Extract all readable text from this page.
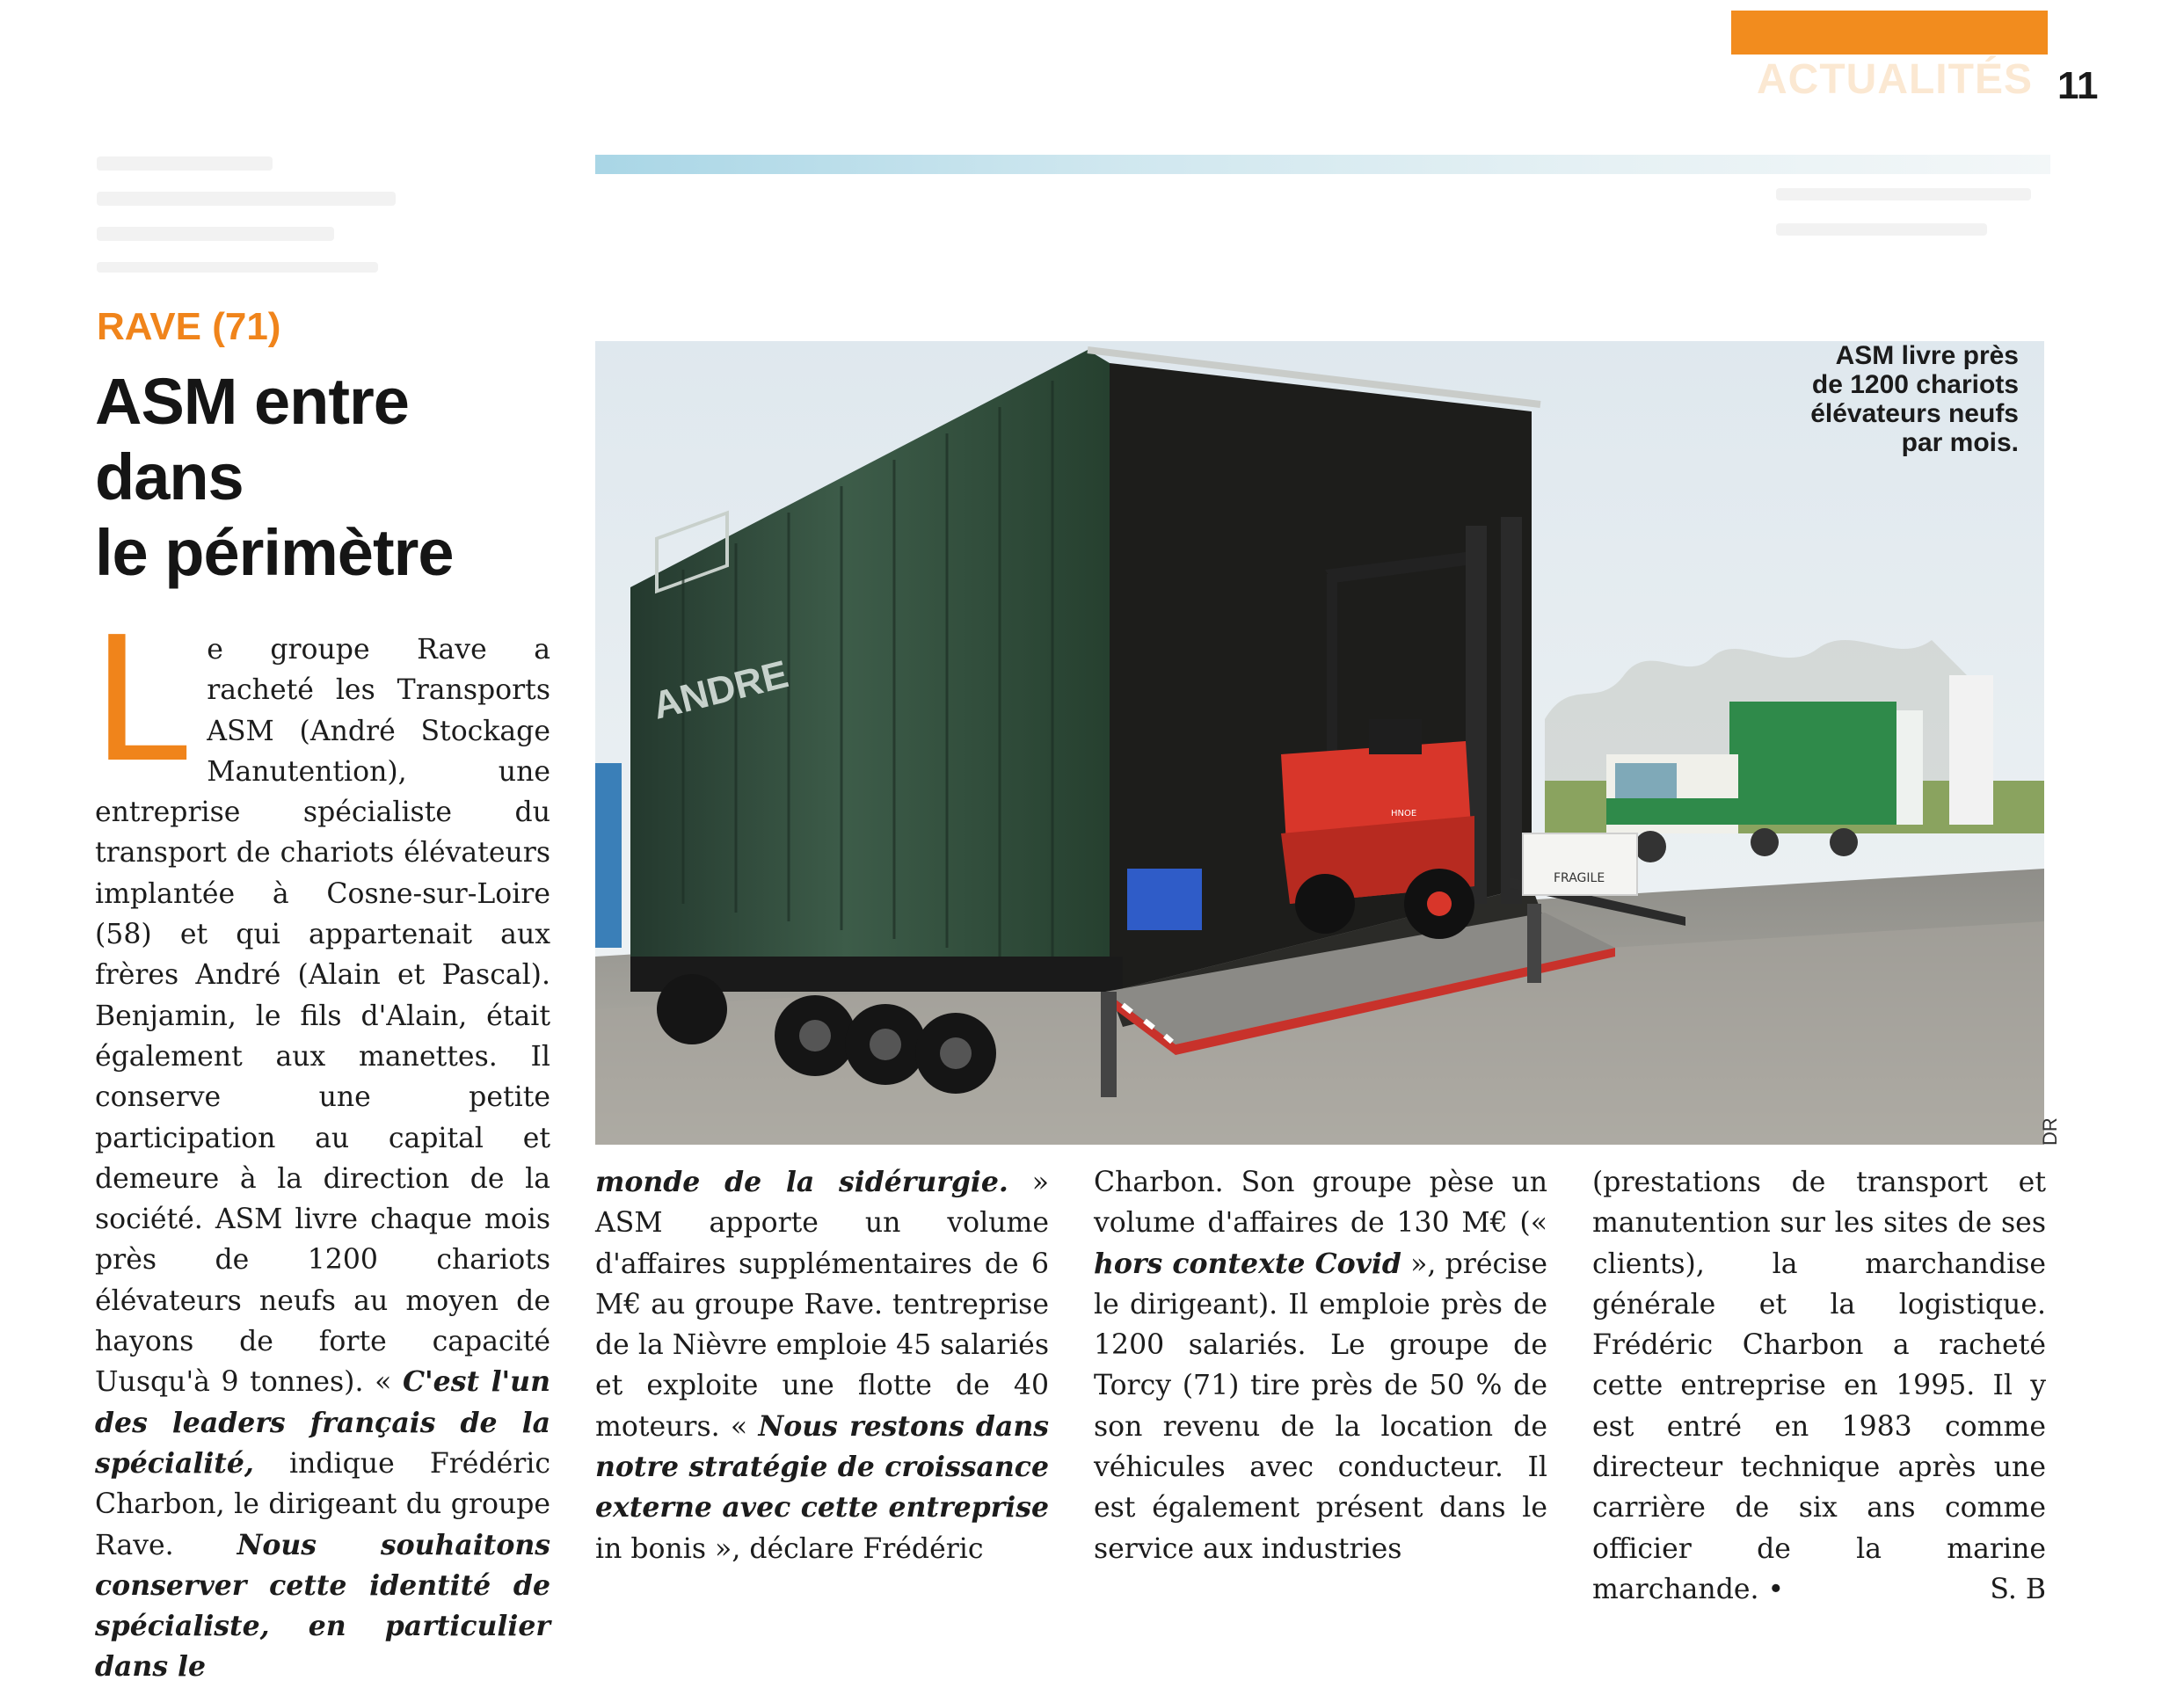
ACTUALITÉS 11
RAVE (71)
ASM entre
dans
le périmètre
FRAGILE
HNOE
ANDRE
ASM livre près de 1200 chariots élévateurs neufs par mois.
DR

Le groupe Rave a racheté les Transports ASM (André Stockage Manutention), une entreprise spécialiste du transport de chariots élévateurs implantée à Cosne-sur-Loire (58) et qui appartenait aux frères André (Alain et Pascal). Benjamin, le fils d'Alain, était également aux manettes. Il conserve une petite participation au capital et demeure à la direction de la société. ASM livre chaque mois près de 1200 chariots élévateurs neufs au moyen de hayons de forte capacité Uusqu'à 9 tonnes). « C'est l'un des leaders français de la spécialité, indique Frédéric Charbon, le dirigeant du groupe Rave. Nous souhaitons conserver cette identité de spécialiste, en particulier dans le

monde de la sidérurgie. » ASM apporte un volume d'affaires supplémentaires de 6 M€ au groupe Rave. tentreprise de la Nièvre emploie 45 salariés et exploite une flotte de 40 moteurs. « Nous restons dans notre stratégie de croissance externe avec cette entreprise in bonis », déclare Frédéric

Charbon. Son groupe pèse un volume d'affaires de 130 M€ (« hors contexte Covid », précise le dirigeant). Il emploie près de 1200 salariés. Le groupe de Torcy (71) tire près de 50 % de son revenu de la location de véhicules avec conducteur. Il est également présent dans le service aux industries

(prestations de transport et manutention sur les sites de ses clients), la marchandise générale et la logistique. Frédéric Charbon a racheté cette entreprise en 1995. Il y est entré en 1983 comme directeur technique après une carrière de six ans comme officier de la marine marchande. •	S. B
